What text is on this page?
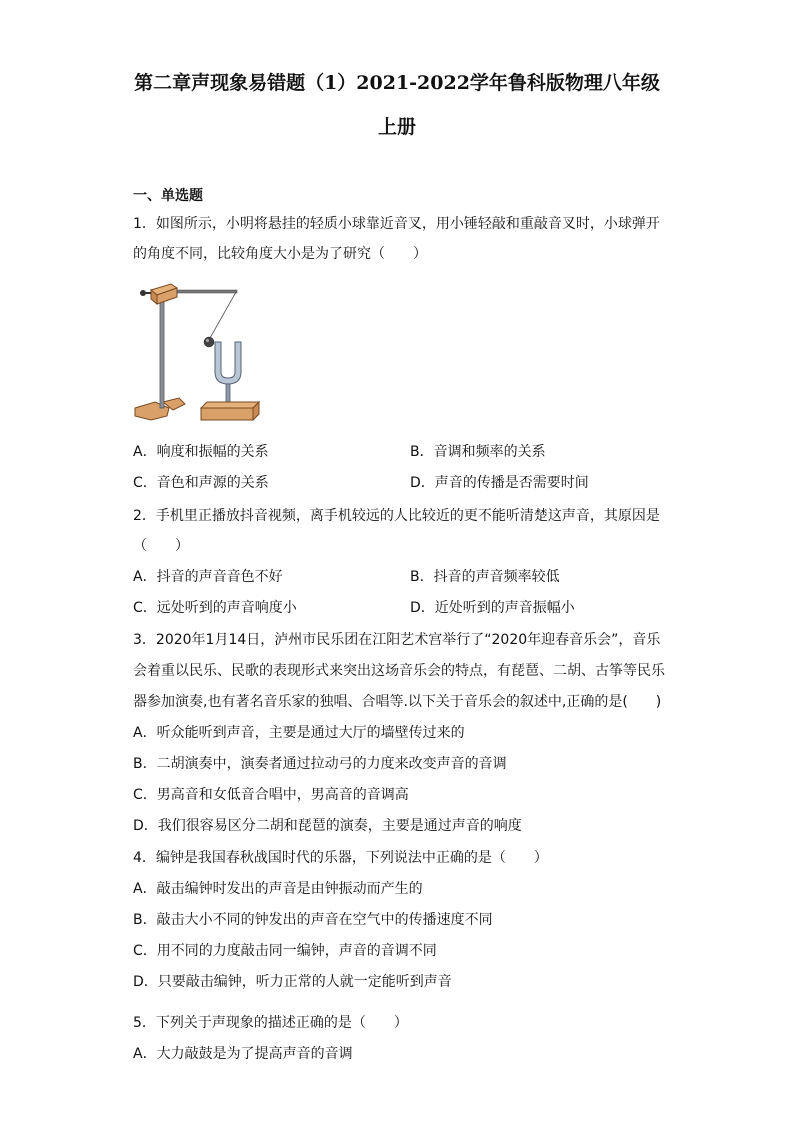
第二章声现象易错题（1）2021-2022学年鲁科版物理八年级
上册
一、单选题
1．如图所示，小明将悬挂的轻质小球靠近音叉，用小锤轻敲和重敲音叉时，小球弹开
的角度不同，比较角度大小是为了研究（　　）
A．响度和振幅的关系	B．音调和频率的关系
C．音色和声源的关系	D．声音的传播是否需要时间
2．手机里正播放抖音视频，离手机较远的人比较近的更不能听清楚这声音，其原因是
（　　）
A．抖音的声音音色不好	B．抖音的声音频率较低
C．远处听到的声音响度小	D．近处听到的声音振幅小
3．2020年1月14日，泸州市民乐团在江阳艺术宫举行了“2020年迎春音乐会”，音乐
会着重以民乐、民歌的表现形式来突出这场音乐会的特点，有琵琶、二胡、古筝等民乐
器参加演奏,也有著名音乐家的独唱、合唱等.以下关于音乐会的叙述中,正确的是(　　)
A．听众能听到声音，主要是通过大厅的墙壁传过来的
B．二胡演奏中，演奏者通过拉动弓的力度来改变声音的音调
C．男高音和女低音合唱中，男高音的音调高
D．我们很容易区分二胡和琵琶的演奏，主要是通过声音的响度
4．编钟是我国春秋战国时代的乐器，下列说法中正确的是（　　）
A．敲击编钟时发出的声音是由钟振动而产生的
B．敲击大小不同的钟发出的声音在空气中的传播速度不同
C．用不同的力度敲击同一编钟，声音的音调不同
D．只要敲击编钟，听力正常的人就一定能听到声音
5．下列关于声现象的描述正确的是（　　）
A．大力敲鼓是为了提高声音的音调
